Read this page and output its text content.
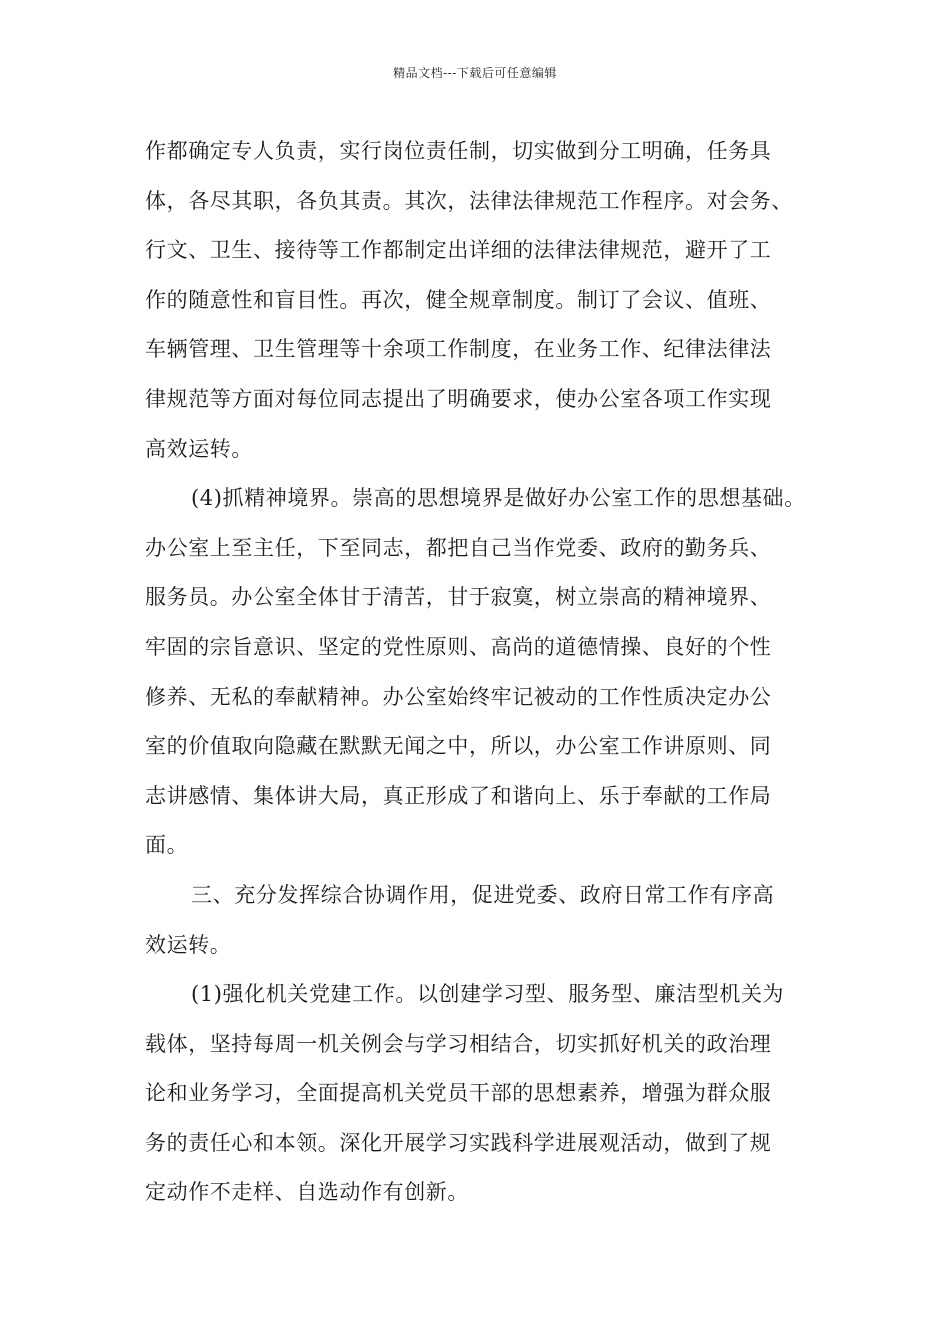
精品文档---下载后可任意编辑
作都确定专人负责，实行岗位责任制，切实做到分工明确，任务具
体，各尽其职，各负其责。其次，法律法律规范工作程序。对会务、
行文、卫生、接待等工作都制定出详细的法律法律规范，避开了工
作的随意性和盲目性。再次，健全规章制度。制订了会议、值班、
车辆管理、卫生管理等十余项工作制度，在业务工作、纪律法律法
律规范等方面对每位同志提出了明确要求，使办公室各项工作实现
高效运转。
(4)抓精神境界。崇高的思想境界是做好办公室工作的思想基础。
办公室上至主任，下至同志，都把自己当作党委、政府的勤务兵、
服务员。办公室全体甘于清苦，甘于寂寞，树立崇高的精神境界、
牢固的宗旨意识、坚定的党性原则、高尚的道德情操、良好的个性
修养、无私的奉献精神。办公室始终牢记被动的工作性质决定办公
室的价值取向隐藏在默默无闻之中，所以，办公室工作讲原则、同
志讲感情、集体讲大局，真正形成了和谐向上、乐于奉献的工作局
面。
三、充分发挥综合协调作用，促进党委、政府日常工作有序高
效运转。
(1)强化机关党建工作。以创建学习型、服务型、廉洁型机关为
载体，坚持每周一机关例会与学习相结合，切实抓好机关的政治理
论和业务学习，全面提高机关党员干部的思想素养，增强为群众服
务的责任心和本领。深化开展学习实践科学进展观活动，做到了规
定动作不走样、自选动作有创新。
